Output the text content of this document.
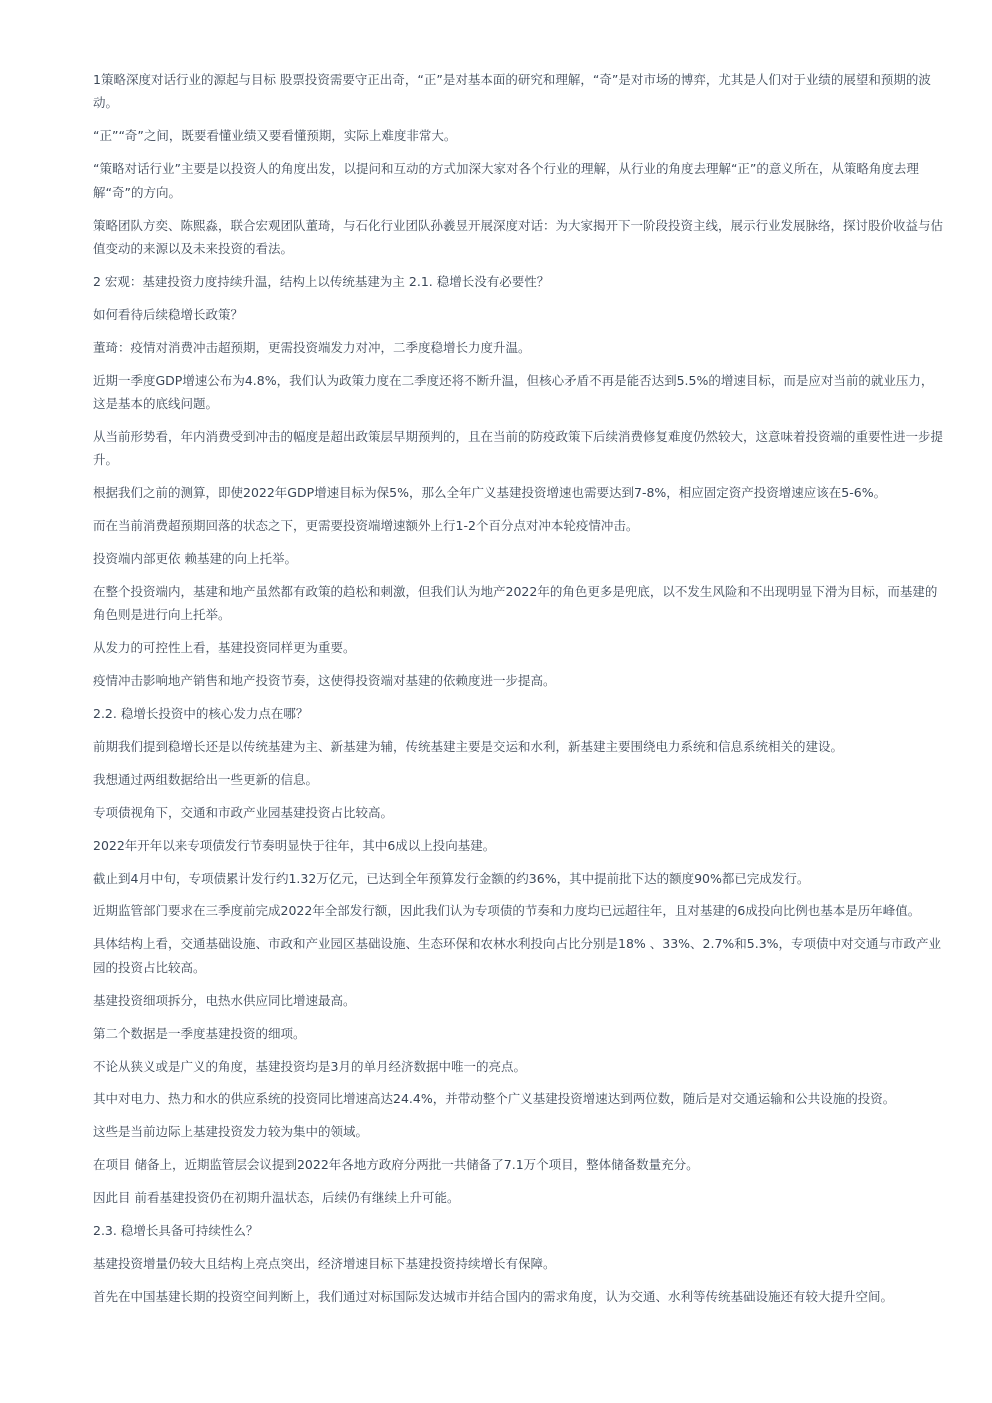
1策略深度对话行业的源起与目标 股票投资需要守正出奇，“正”是对基本面的研究和理解，“奇”是对市场的博弈，尤其是人们对于业绩的展望和预期的波动。

“正”“奇”之间，既要看懂业绩又要看懂预期，实际上难度非常大。

“策略对话行业”主要是以投资人的角度出发，以提问和互动的方式加深大家对各个行业的理解，从行业的角度去理解“正”的意义所在，从策略角度去理解“奇”的方向。

策略团队方奕、陈熙淼，联合宏观团队董琦，与石化行业团队孙羲昱开展深度对话：为大家揭开下一阶段投资主线，展示行业发展脉络，探讨股价收益与估值变动的来源以及未来投资的看法。

2 宏观：基建投资力度持续升温，结构上以传统基建为主 2.1. 稳增长没有必要性？

如何看待后续稳增长政策？

董琦：疫情对消费冲击超预期，更需投资端发力对冲，二季度稳增长力度升温。

近期一季度GDP增速公布为4.8%，我们认为政策力度在二季度还将不断升温，但核心矛盾不再是能否达到5.5%的增速目标，而是应对当前的就业压力，这是基本的底线问题。

从当前形势看，年内消费受到冲击的幅度是超出政策层早期预判的，且在当前的防疫政策下后续消费修复难度仍然较大，这意味着投资端的重要性进一步提升。

根据我们之前的测算，即使2022年GDP增速目标为保5%，那么全年广义基建投资增速也需要达到7-8%，相应固定资产投资增速应该在5-6%。

而在当前消费超预期回落的状态之下，更需要投资端增速额外上行1-2个百分点对冲本轮疫情冲击。

投资端内部更依 赖基建的向上托举。

在整个投资端内，基建和地产虽然都有政策的趋松和刺激，但我们认为地产2022年的角色更多是兜底，以不发生风险和不出现明显下滑为目标，而基建的角色则是进行向上托举。

从发力的可控性上看，基建投资同样更为重要。

疫情冲击影响地产销售和地产投资节奏，这使得投资端对基建的依赖度进一步提高。

2.2. 稳增长投资中的核心发力点在哪？

前期我们提到稳增长还是以传统基建为主、新基建为辅，传统基建主要是交运和水利，新基建主要围绕电力系统和信息系统相关的建设。

我想通过两组数据给出一些更新的信息。

专项债视角下，交通和市政产业园基建投资占比较高。

2022年开年以来专项债发行节奏明显快于往年，其中6成以上投向基建。

截止到4月中旬，专项债累计发行约1.32万亿元，已达到全年预算发行金额的约36%，其中提前批下达的额度90%都已完成发行。

近期监管部门要求在三季度前完成2022年全部发行额，因此我们认为专项债的节奏和力度均已远超往年，且对基建的6成投向比例也基本是历年峰值。

具体结构上看，交通基础设施、市政和产业园区基础设施、生态环保和农林水利投向占比分别是18% 、33%、2.7%和5.3%，专项债中对交通与市政产业园的投资占比较高。

基建投资细项拆分，电热水供应同比增速最高。

第二个数据是一季度基建投资的细项。

不论从狭义或是广义的角度，基建投资均是3月的单月经济数据中唯一的亮点。

其中对电力、热力和水的供应系统的投资同比增速高达24.4%，并带动整个广义基建投资增速达到两位数，随后是对交通运输和公共设施的投资。

这些是当前边际上基建投资发力较为集中的领域。

在项目 储备上，近期监管层会议提到2022年各地方政府分两批一共储备了7.1万个项目，整体储备数量充分。

因此目 前看基建投资仍在初期升温状态，后续仍有继续上升可能。

2.3. 稳增长具备可持续性么？

基建投资增量仍较大且结构上亮点突出，经济增速目标下基建投资持续增长有保障。

首先在中国基建长期的投资空间判断上，我们通过对标国际发达城市并结合国内的需求角度，认为交通、水利等传统基础设施还有较大提升空间。
